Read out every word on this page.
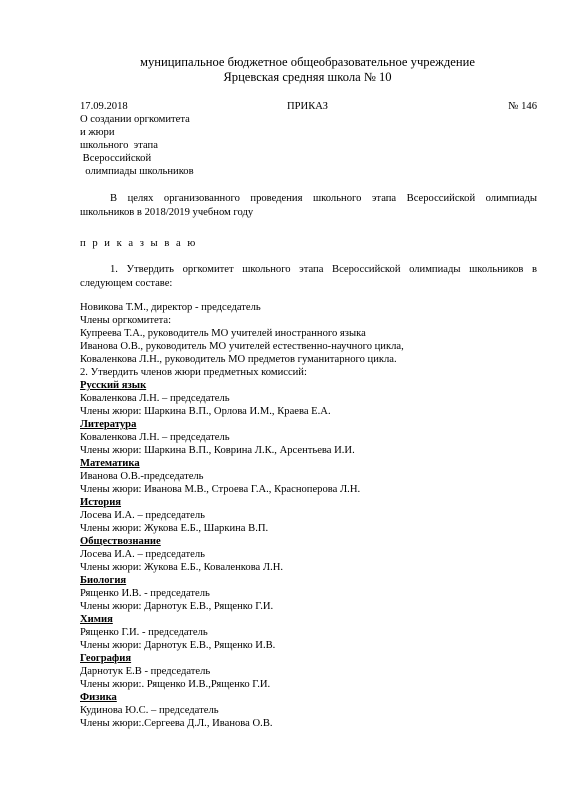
муниципальное бюджетное общеобразовательное учреждение
Ярцевская средняя школа № 10
17.09.2018	ПРИКАЗ	№ 146
О создании оргкомитета
и жюри
школьного  этапа
Всероссийской
олимпиады школьников
В целях организованного проведения школьного этапа Всероссийской олимпиады школьников в 2018/2019 учебном году
п р и к а з ы в а ю
1. Утвердить оргкомитет школьного этапа Всероссийской олимпиады школьников в следующем составе:
Новикова Т.М., директор - председатель
Члены оргкомитета:
Купреева Т.А., руководитель МО учителей иностранного языка
Иванова О.В., руководитель МО учителей естественно-научного цикла,
Коваленкова Л.Н., руководитель МО предметов гуманитарного цикла.
2. Утвердить членов жюри предметных комиссий:
Русский язык
Коваленкова Л.Н. – председатель
Члены жюри: Шаркина В.П., Орлова И.М., Краева Е.А.
Литература
Коваленкова Л.Н. – председатель
Члены жюри: Шаркина В.П., Коврина Л.К., Арсентьева И.И.
Математика
Иванова О.В.-председатель
Члены жюри: Иванова М.В., Строева Г.А., Красноперова Л.Н.
История
Лосева И.А. – председатель
Члены жюри: Жукова Е.Б., Шаркина В.П.
Обществознание
Лосева И.А. – председатель
Члены жюри: Жукова Е.Б., Коваленкова Л.Н.
Биология
Рященко И.В. - председатель
Члены жюри: Дарнотук Е.В., Рященко Г.И.
Химия
Рященко Г.И. - председатель
Члены жюри: Дарнотук Е.В., Рященко И.В.
География
Дарнотук Е.В - председатель
Члены жюри:. Рященко И.В.,Рященко Г.И.
Физика
Кудинова Ю.С. – председатель
Члены жюри:.Сергеева Д.Л., Иванова О.В.
